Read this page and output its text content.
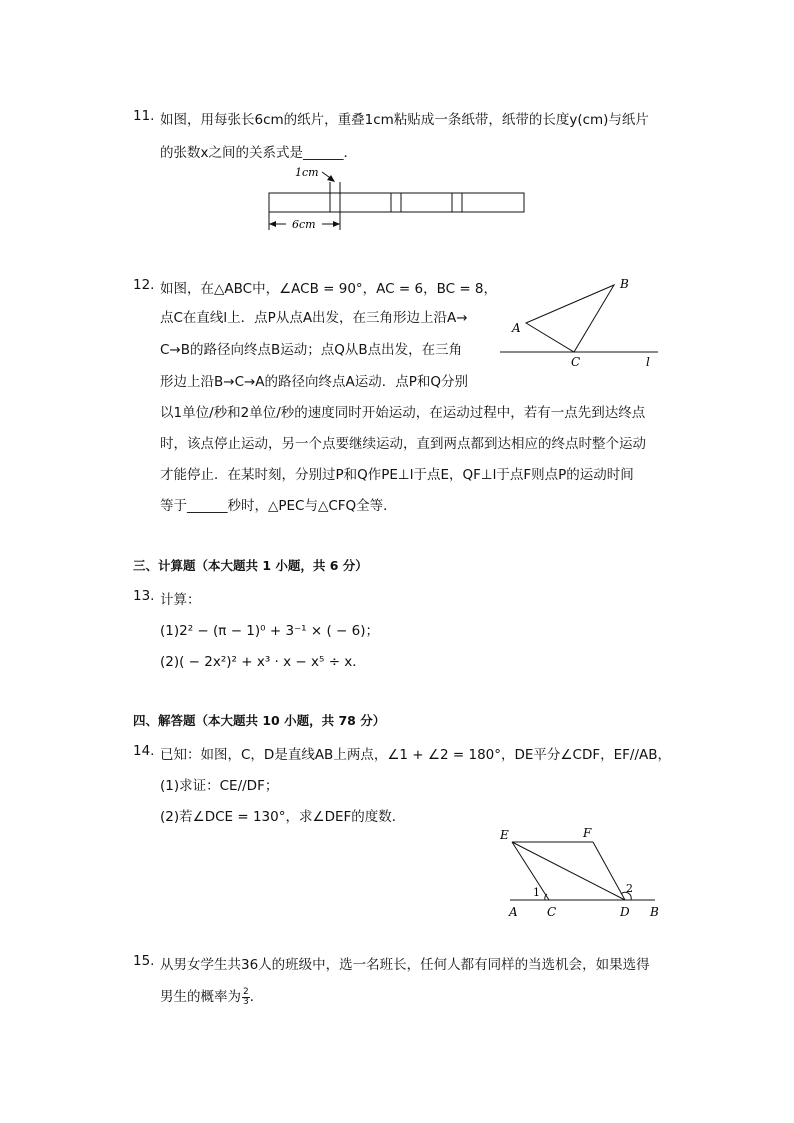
11. 如图，用每张长6cm的纸片，重叠1cm粘贴成一条纸带，纸带的长度y(cm)与纸片
的张数x之间的关系式是______．
1cm
6cm
12. 如图，在△ABC中，∠ACB = 90°，AC = 6，BC = 8，
点C在直线l上．点P从点A出发，在三角形边上沿A→
C→B的路径向终点B运动；点Q从B点出发，在三角
形边上沿B→C→A的路径向终点A运动．点P和Q分别
以1单位/秒和2单位/秒的速度同时开始运动，在运动过程中，若有一点先到达终点
时，该点停止运动，另一个点要继续运动，直到两点都到达相应的终点时整个运动
才能停止．在某时刻，分别过P和Q作PE⊥l于点E，QF⊥l于点F则点P的运动时间
等于______秒时，△PEC与△CFQ全等．
B
A
C	l
三、计算题（本大题共 1 小题，共 6 分）
13. 计算：
(1)2² − (π − 1)⁰ + 3⁻¹ × ( − 6)；
(2)( − 2x²)² + x³ · x − x⁵ ÷ x．
四、解答题（本大题共 10 小题，共 78 分）
14. 已知：如图，C，D是直线AB上两点，∠1 + ∠2 = 180°，DE平分∠CDF，EF//AB，
(1)求证：CE//DF；
(2)若∠DCE = 130°，求∠DEF的度数．
E	F
A C	D B
1	2
15. 从男女学生共36人的班级中，选一名班长，任何人都有同样的当选机会，如果选得
男生的概率为 $\frac{2}{3}$ ．
